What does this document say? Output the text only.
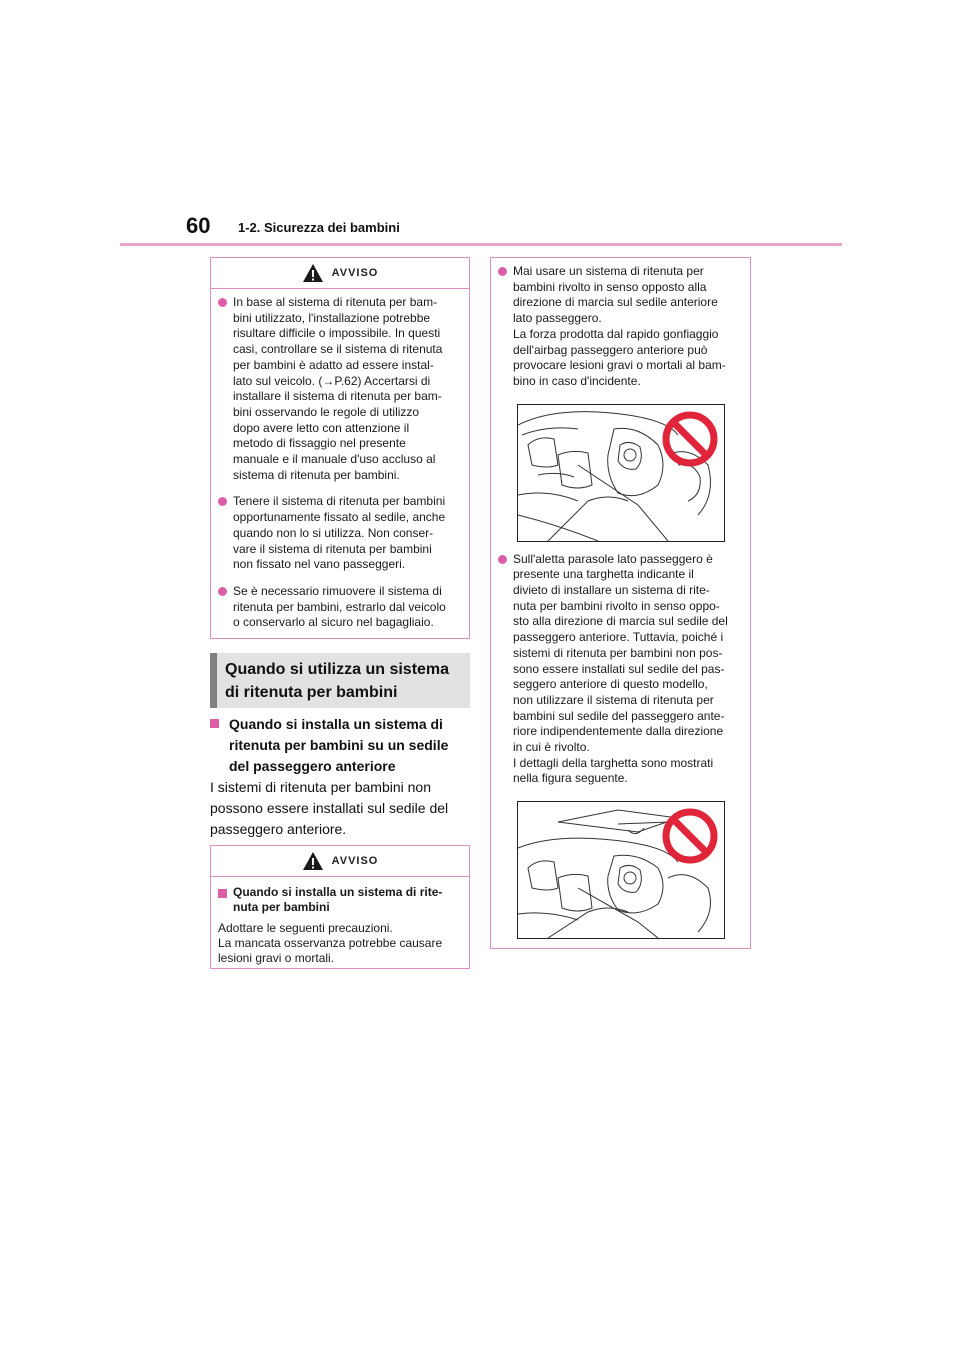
60 1-2. Sicurezza dei bambini
AVVISO
In base al sistema di ritenuta per bam-
bini utilizzato, l'installazione potrebbe
risultare difficile o impossibile. In questi
casi, controllare se il sistema di ritenuta
per bambini è adatto ad essere instal-
lato sul veicolo. (→P.62) Accertarsi di
installare il sistema di ritenuta per bam-
bini osservando le regole di utilizzo
dopo avere letto con attenzione il
metodo di fissaggio nel presente
manuale e il manuale d'uso accluso al
sistema di ritenuta per bambini.
Tenere il sistema di ritenuta per bambini
opportunamente fissato al sedile, anche
quando non lo si utilizza. Non conser-
vare il sistema di ritenuta per bambini
non fissato nel vano passeggeri.
Se è necessario rimuovere il sistema di
ritenuta per bambini, estrarlo dal veicolo
o conservarlo al sicuro nel bagagliaio.
Quando si utilizza un sistema
di ritenuta per bambini
Quando si installa un sistema di
ritenuta per bambini su un sedile
del passeggero anteriore
I sistemi di ritenuta per bambini non
possono essere installati sul sedile del
passeggero anteriore.
AVVISO
Quando si installa un sistema di rite-
nuta per bambini
Adottare le seguenti precauzioni.
La mancata osservanza potrebbe causare
lesioni gravi o mortali.
Mai usare un sistema di ritenuta per
bambini rivolto in senso opposto alla
direzione di marcia sul sedile anteriore
lato passeggero.
La forza prodotta dal rapido gonfiaggio
dell'airbag passeggero anteriore può
provocare lesioni gravi o mortali al bam-
bino in caso d'incidente.
Sull'aletta parasole lato passeggero è
presente una targhetta indicante il
divieto di installare un sistema di rite-
nuta per bambini rivolto in senso oppo-
sto alla direzione di marcia sul sedile del
passeggero anteriore. Tuttavia, poiché i
sistemi di ritenuta per bambini non pos-
sono essere installati sul sedile del pas-
seggero anteriore di questo modello,
non utilizzare il sistema di ritenuta per
bambini sul sedile del passeggero ante-
riore indipendentemente dalla direzione
in cui è rivolto.
I dettagli della targhetta sono mostrati
nella figura seguente.
